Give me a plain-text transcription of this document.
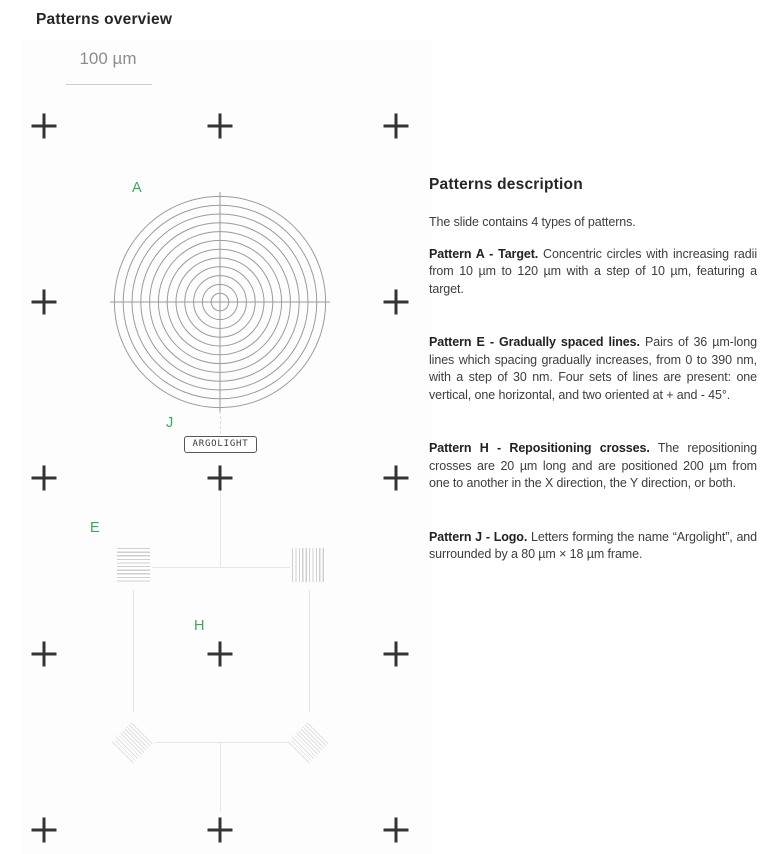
Patterns overview
100 µm
A
J
E
H
ARGOLIGHT
Patterns description

The slide contains 4 types of patterns.

Pattern A - Target. Concentric circles with increasing radii from 10 µm to 120 µm with a step of 10 µm, featuring a target.

Pattern E - Gradually spaced lines. Pairs of 36 µm-long lines which spacing gradually increases, from 0 to 390 nm, with a step of 30 nm. Four sets of lines are present: one vertical, one horizontal, and two oriented at + and - 45°.

Pattern H - Repositioning crosses. The repositioning crosses are 20 µm long and are positioned 200 µm from one to another in the X direction, the Y direction, or both.

Pattern J - Logo. Letters forming the name “Argolight”, and surrounded by a 80 µm × 18 µm frame.
